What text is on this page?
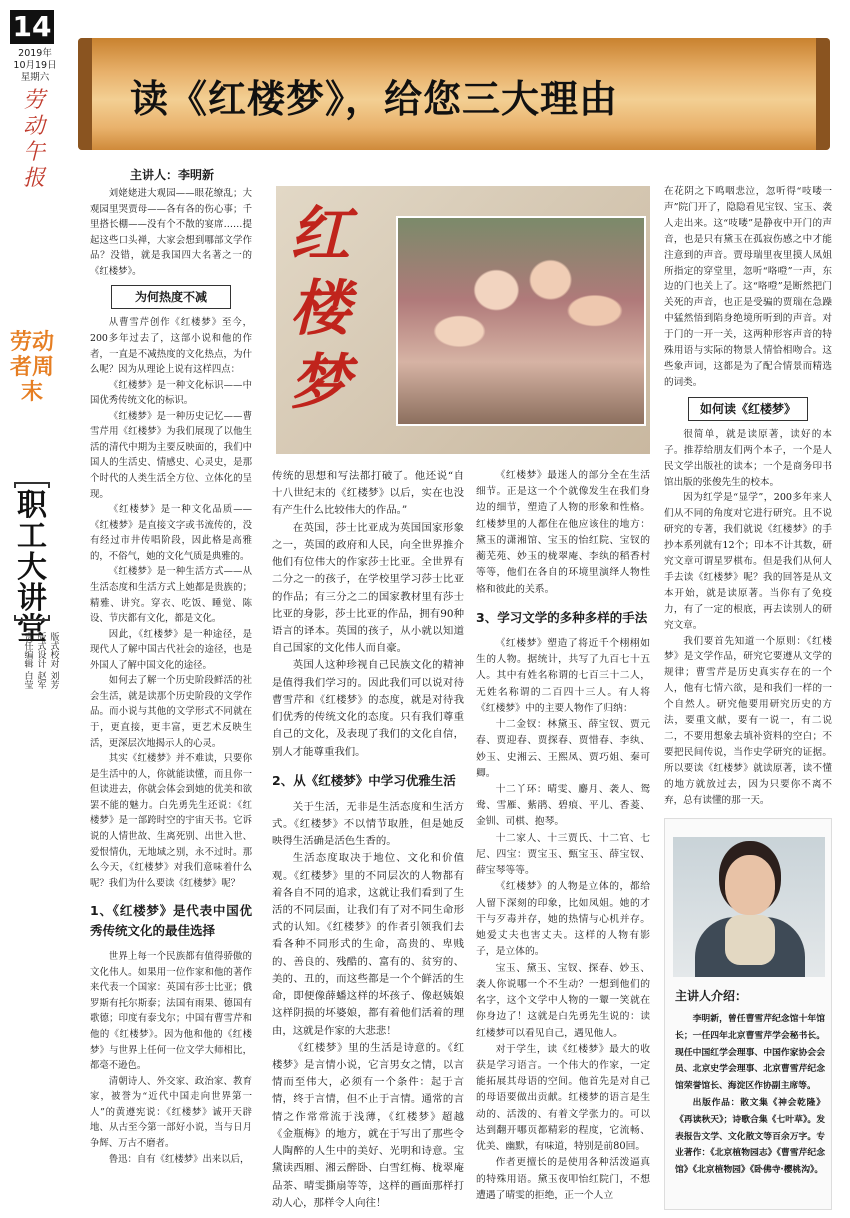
14
2019年
10月19日
星期六
劳动午报
劳动者周末
职工大讲堂
责任编辑 白莹 版式设计 赵军 版式校对 刘芳
读《红楼梦》，给您三大理由
主讲人：李明新
红楼梦

刘姥姥进大观园——眼花缭乱；大观园里哭贾母——各有各的伤心事；千里搭长棚——没有个不散的宴席……提起这些口头禅，大家会想到哪部文学作品？没错，就是我国四大名著之一的《红楼梦》。

为何热度不减

从曹雪芹创作《红楼梦》至今，200多年过去了，这部小说和他的作者，一直是不减热度的文化热点，为什么呢？因为从理论上说有这样四点：

《红楼梦》是一种文化标识——中国优秀传统文化的标识。

《红楼梦》是一种历史记忆——曹雪芹用《红楼梦》为我们展现了以他生活的清代中期为主要反映面的，我们中国人的生活史、情感史、心灵史，是那个时代的人类生活全方位、立体化的呈现。

《红楼梦》是一种文化品质——《红楼梦》是直接文字或书流传的，没有经过市井传唱阶段，因此格是高雅的，不俗气，她的文化气质是典雅的。

《红楼梦》是一种生活方式——从生活态度和生活方式上她都是贵族的；精雅、讲究。穿衣、吃饭、睡觉、陈设、节庆都有文化，都是文化。

因此，《红楼梦》是一种途径，是现代人了解中国古代社会的途径，也是外国人了解中国文化的途径。

如何去了解一个历史阶段鲜活的社会生活，就是读那个历史阶段的文学作品。而小说与其他的文学形式不同就在于，更直接，更丰富，更艺术反映生活，更深层次地揭示人的心灵。

其实《红楼梦》并不难读，只要你是生活中的人，你就能读懂，而且你一但读进去，你就会体会到她的优美和欲罢不能的魅力。白先勇先生还说：《红楼梦》是一部跨时空的宇宙天书。它诉说的人情世故、生离死别、出世入世、爱恨情仇，无地域之别，永不过时。那么今天，《红楼梦》对我们意味着什么呢？我们为什么要读《红楼梦》呢？

1、《红楼梦》是代表中国优秀传统文化的最佳选择

世界上每一个民族都有值得骄傲的文化伟人。如果用一位作家和他的著作来代表一个国家：英国有莎士比亚；俄罗斯有托尔斯泰；法国有雨果、德国有歌德；印度有泰戈尔；中国有曹雪芹和他的《红楼梦》。因为他和他的《红楼梦》与世界上任何一位文学大师相比，都毫不逊色。

清朝诗人、外交家、政治家、教育家，被誉为“近代中国走向世界第一人”的黄遵宪说：《红楼梦》诚开天辟地、从古至今第一部好小说，当与日月争辉、万古不磨者。

鲁迅：自有《红楼梦》出来以后，

传统的思想和写法都打破了。他还说“自十八世纪末的《红楼梦》以后，实在也没有产生什么比较伟大的作品。”

在英国，莎士比亚成为英国国家形象之一，英国的政府和人民，向全世界推介他们有位伟大的作家莎士比亚。全世界有二分之一的孩子，在学校里学习莎士比亚的作品；有三分之二的国家教材里有莎士比亚的身影，莎士比亚的作品，拥有90种语言的译本。英国的孩子，从小就以知道自己国家的文化伟人而自豪。

英国人这种珍视自己民族文化的精神是值得我们学习的。因此我们可以说对待曹雪芹和《红楼梦》的态度，就是对待我们优秀的传统文化的态度。只有我们尊重自己的文化，及表现了我们的文化自信，别人才能尊重我们。

2、从《红楼梦》中学习优雅生活

关于生活，无非是生活态度和生活方式。《红楼梦》不以情节取胜，但是她反映得生活确是活色生香的。

生活态度取决于地位、文化和价值观。《红楼梦》里的不同层次的人物都有着各自不同的追求，这就让我们看到了生活的不同层面，让我们有了对不同生命形式的认知。《红楼梦》的作者引领我们去看各种不同形式的生命，高贵的、卑贱的、善良的、残酷的、富有的、贫穷的、美的、丑的，而这些都是一个个鲜活的生命，即便像薛蟠这样的坏孩子、像赵姨娘这样阴损的坏婆娘，都有着他们活着的理由，这就是作家的大悲悲！

《红楼梦》里的生活是诗意的。《红楼梦》是言情小说，它言男女之情，以言情而至伟大，必须有一个条件：起于言情，终于言情，但不止于言情。通常的言情之作常常流于浅薄，《红楼梦》超越《金瓶梅》的地方，就在于写出了那些令人陶醉的人生中的美好、光明和诗意。宝黛读西厢、湘云醉卧、白雪红梅、栊翠庵品茶、晴雯撕扇等等，这样的画面那样打动人心，那样令人向往！

《红楼梦》最迷人的部分全在生活细节。正是这一个个就像发生在我们身边的细节，塑造了人物的形象和性格。红楼梦里的人都住在他应该住的地方：黛玉的潇湘馆、宝玉的怡红院、宝钗的蘅芜苑、妙玉的栊翠庵、李纨的稻香村等等，他们在各自的环境里演绎人物性格和彼此的关系。

3、学习文学的多种多样的手法

《红楼梦》塑造了将近千个栩栩如生的人物。据统计，共写了九百七十五人。其中有姓名称谓的七百三十二人，无姓名称谓的二百四十三人。有人将《红楼梦》中的主要人物作了归纳：

十二金钗：林黛玉、薛宝钗、贾元春、贾迎春、贾探春、贾惜春、李纨、妙玉、史湘云、王熙凤、贾巧姐、秦可卿。

十二丫环：晴雯、麝月、袭人、鸳鸯、雪雁、紫鹃、碧痕、平儿、香菱、金钏、司棋、抱琴。

十二家人、十三贾氏、十二官、七尼、四宝：贾宝玉、甄宝玉、薛宝钗、薛宝琴等等。

《红楼梦》的人物是立体的，都给人留下深刻的印象，比如凤姐。她的才干与歹毒并存，她的热情与心机并存。她爱丈夫也害丈夫。这样的人物有影子，是立体的。

宝玉、黛玉、宝钗、探春、妙玉、袭人你说哪一个不生动？一想到他们的名字，这个文学中人物的一颦一笑就在你身边了！这就是白先勇先生说的：读红楼梦可以看见自己，遇见他人。

对于学生，读《红楼梦》最大的收获是学习语言。一个伟大的作家，一定能拓展其母语的空间。他首先是对自己的母语要做出贡献。红楼梦的语言是生动的、活泼的、有着文学张力的。可以达到翻开哪页都精彩的程度，它流畅、优美、幽默，有味道，特别是前80回。

作者更擅长的是使用各种活泼逼真的特殊用语。黛玉夜叩怡红院门，不想遭遇了晴雯的拒绝，正一个人立

在花阴之下鸣咽悲泣，忽听得“吱喽一声”院门开了，隐隐看见宝钗、宝玉、袭人走出来。这“吱喽”是静夜中开门的声音，也是只有黛玉在孤寂伤感之中才能注意到的声音。贾母瑞里夜里摸人凤姐所指定的穿堂里，忽听“咯噔”一声，东边的门也关上了。这“咯噔”是断然把门关死的声音，也正是受骗的贾瑞在急躁中猛然悟到陷身绝境所听到的声音。对于门的一开一关，这两种形容声音的特殊用语与实际的物景人情恰相吻合。这些象声词，这都是为了配合情景而精选的词类。

如何读《红楼梦》

很简单，就是读原著，读好的本子。推荐给朋友们两个本子，一个是人民文学出版社的读本；一个是商务印书馆出版的张俊先生的校本。

因为红学是“显学”，200多年来人们从不同的角度对它进行研究。且不说研究的专著，我们就说《红楼梦》的手抄本系列就有12个；印本不计其数，研究文章可谓星罗棋布。但是我们从何人手去读《红楼梦》呢？我的回答是从文本开始，就是读原著。当你有了免疫力，有了一定的根底，再去读别人的研究文章。

我们要首先知道一个原则：《红楼梦》是文学作品，研究它要遵从文学的规律；曹雪芹是历史真实存在的一个人，他有七情六欲，是和我们一样的一个自然人。研究他要用研究历史的方法，要重文献，要有一说一，有二说二，不要用想象去填补资料的空白；不要把民间传说，当作史学研究的证据。所以要读《红楼梦》就读原著，读不懂的地方就放过去，因为只要你不离不弃，总有读懂的那一天。

主讲人介绍：

李明新，曾任曹雪芹纪念馆十年馆长；一任四年北京曹雪芹学会秘书长。现任中国红学会理事、中国作家协会会员、北京史学会理事、北京曹雪芹纪念馆荣誉馆长、海淀区作协副主席等。

出版作品：散文集《神会乾隆》《再读秋天》；诗歌合集《七叶草》。发表报告文学、文化散文等百余万字。专业著作：《北京植物园志》《曹雪芹纪念馆》《北京植物园》《卧佛寺·樱桃沟》。
